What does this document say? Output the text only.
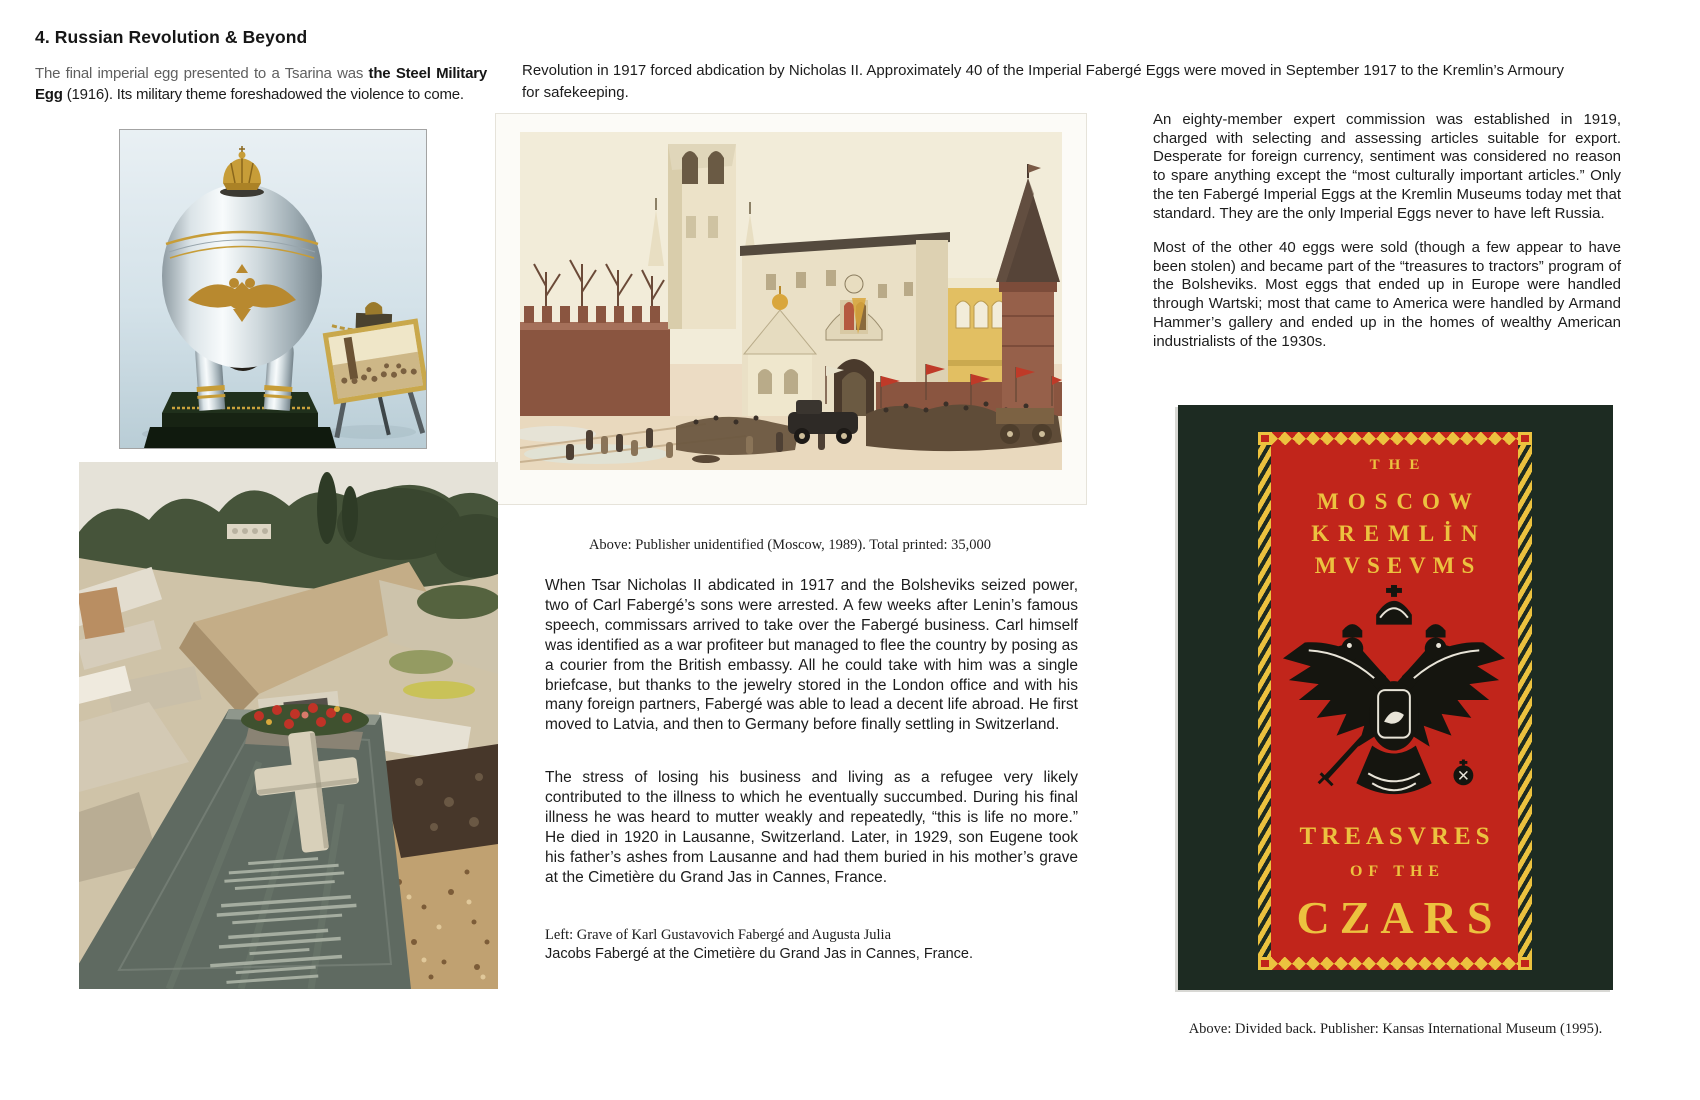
4. Russian Revolution & Beyond
The final imperial egg presented to a Tsarina was the Steel Military Egg (1916). Its military theme foreshadowed the violence to come.
Revolution in 1917 forced abdication by Nicholas II. Approximately 40 of the Imperial Fabergé Eggs were moved in September 1917 to the Kremlin’s Armoury for safekeeping.
An eighty-member expert commission was established in 1919, charged with selecting and assessing articles suitable for export. Desperate for foreign currency, sentiment was considered no reason to spare anything except the “most culturally important articles.” Only the ten Fabergé Imperial Eggs at the Kremlin Museums today met that standard. They are the only Imperial Eggs never to have left Russia.
Most of the other 40 eggs were sold (though a few appear to have been stolen) and became part of the “treasures to tractors” program of the Bolsheviks. Most eggs that ended up in Europe were handled through Wartski; most that came to America were handled by Armand Hammer’s gallery and ended up in the homes of wealthy American industrialists of the 1930s.
Above: Publisher unidentified (Moscow, 1989). Total printed: 35,000
When Tsar Nicholas II abdicated in 1917 and the Bolsheviks seized power, two of Carl Fabergé’s sons were arrested. A few weeks after Lenin’s famous speech, commissars arrived to take over the Fabergé business. Carl himself was identified as a war profiteer but managed to flee the country by posing as a courier from the British embassy. All he could take with him was a single briefcase, but thanks to the jewelry stored in the London office and with his many foreign partners, Fabergé was able to lead a decent life abroad. He first moved to Latvia, and then to Germany before finally settling in Switzerland.
The stress of losing his business and living as a refugee very likely contributed to the illness to which he eventually succumbed. During his final illness he was heard to mutter weakly and repeatedly, “this is life no more.” He died in 1920 in Lausanne, Switzerland. Later, in 1929, son Eugene took his father’s ashes from Lausanne and had them buried in his mother’s grave at the Cimetière du Grand Jas in Cannes, France.
Left: Grave of Karl Gustavovich Fabergé and Augusta Julia
Jacobs Fabergé at the Cimetière du Grand Jas in Cannes, France.
THE
MOSCOW
KREMLİN
MVSEVMS
TREASVRES
OF THE
CZARS
Above: Divided back. Publisher: Kansas International Museum (1995).
